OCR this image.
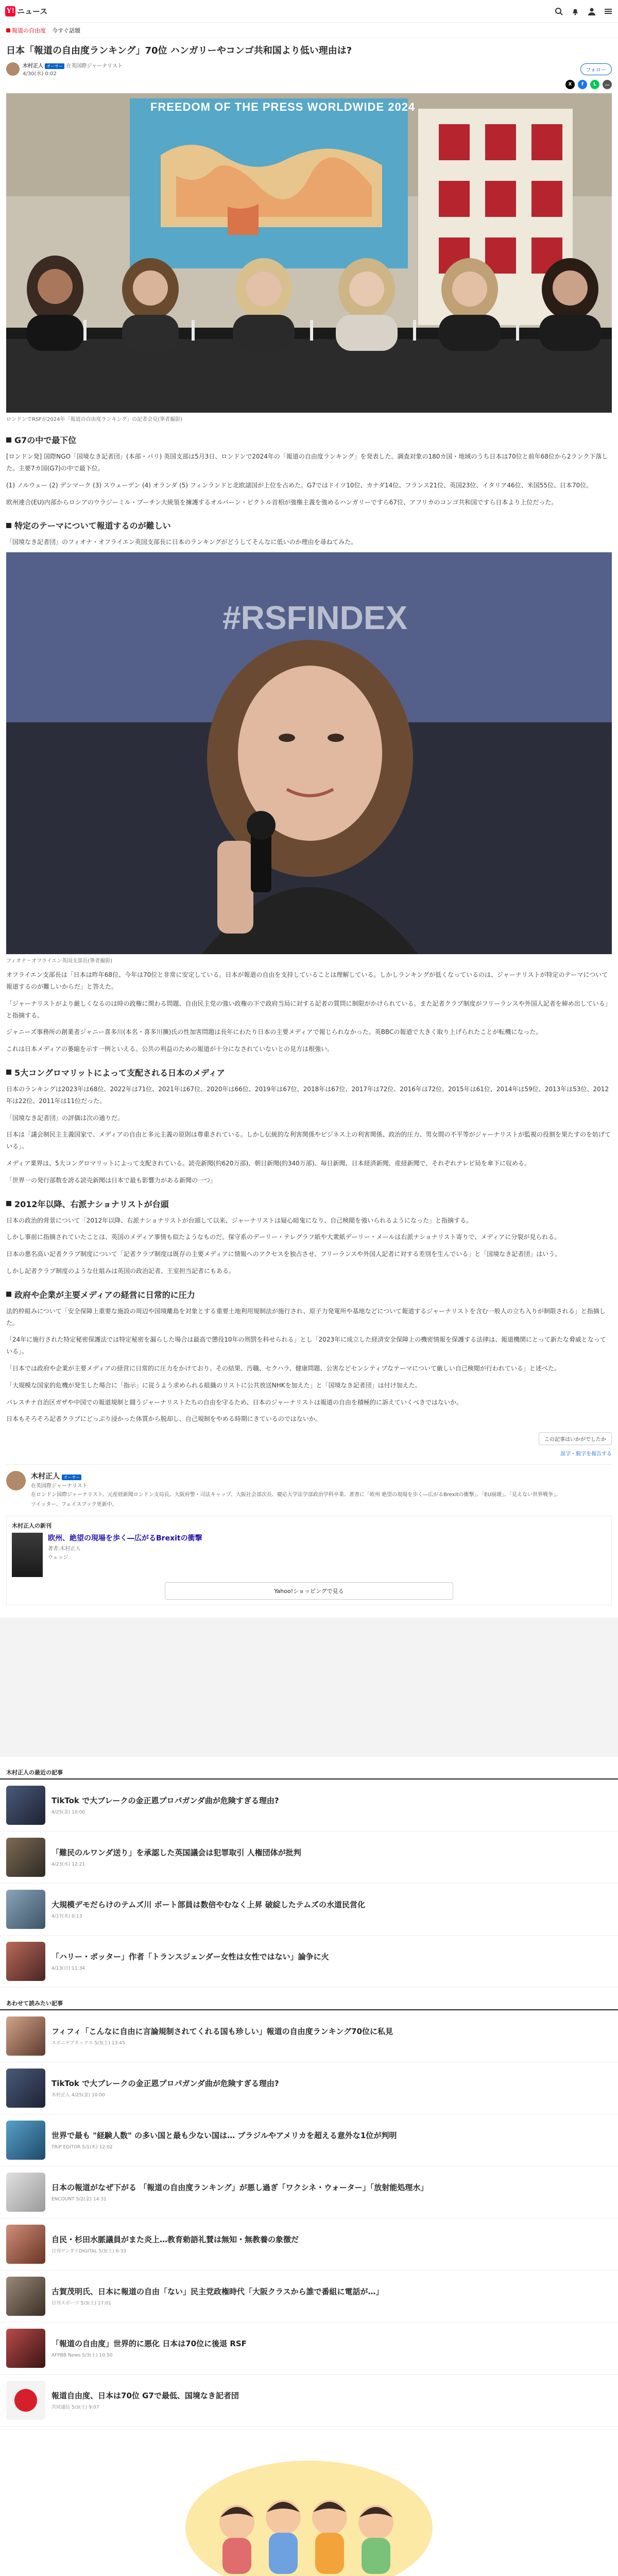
Y! ニュース
報道の自由度 今すぐ話題
日本「報道の自由度ランキング」70位 ハンガリーやコンゴ共和国より低い理由は?
木村正人 オーサー 在英国際ジャーナリスト
4/30(水) 0:02
フォロー
X	f	L	…
FREEDOM OF THE PRESS WORLDWIDE 2024
ロンドンでRSFが2024年「報道の自由度ランキング」の記者会見(筆者撮影)
G7の中で最下位

[ロンドン発] 国際NGO「国境なき記者団」(本部・パリ) 英国支部は5月3日、ロンドンで2024年の「報道の自由度ランキング」を発表した。調査対象の180カ国・地域のうち日本は70位と前年68位から2ランク下落した。主要7カ国(G7)の中で最下位。

(1) ノルウェー (2) デンマーク (3) スウェーデン (4) オランダ (5) フィンランドと北欧諸国が上位を占めた。G7ではドイツ10位、カナダ14位、フランス21位、英国23位、イタリア46位、米国55位、日本70位。

欧州連合(EU)内部からロシアのウラジーミル・プーチン大統領を擁護するオルバーン・ビクトル首相が強権主義を強めるハンガリーですら67位、アフリカのコンゴ共和国ですら日本より上位だった。

特定のテーマについて報道するのが難しい

「国境なき記者団」のフィオナ・オフライエン英国支部長に日本のランキングがどうしてそんなに低いのか理由を尋ねてみた。

#RSFINDEX
フィオナ・オフライエン英国支部長(筆者撮影)

オフライエン支部長は「日本は昨年68位、今年は70位と非常に安定している。日本が報道の自由を支持していることは理解している。しかしランキングが低くなっているのは、ジャーナリストが特定のテーマについて報道するのが難しいからだ」と答えた。

「ジャーナリストがより厳しくなるのは時の政権に関わる問題、自由民主党の強い政権の下で政府当局に対する記者の質問に制限がかけられている。また記者クラブ制度がフリーランスや外国人記者を締め出している」と指摘する。

ジャニーズ事務所の創業者ジャニー喜多川(本名・喜多川擴)氏の性加害問題は長年にわたり日本の主要メディアで報じられなかった。英BBCの報道で大きく取り上げられたことが転機になった。

これは日本メディアの萎縮を示す一例といえる。公共の利益のための報道が十分になされていないとの見方は根強い。

5大コングロマリットによって支配される日本のメディア

日本のランキングは2023年は68位、2022年は71位、2021年は67位、2020年は66位、2019年は67位、2018年は67位、2017年は72位、2016年は72位、2015年は61位、2014年は59位、2013年は53位、2012年は22位、2011年は11位だった。

「国境なき記者団」の評価は次の通りだ。

日本は「議会制民主主義国家で、メディアの自由と多元主義の原則は尊重されている。しかし伝統的な利害関係やビジネス上の利害関係、政治的圧力、男女間の不平等がジャーナリストが監視の役割を果たすのを妨げている」。

メディア業界は、5大コングロマリットによって支配されている。読売新聞(約620万部)、朝日新聞(約340万部)、毎日新聞、日本経済新聞、産経新聞で、それぞれテレビ局を傘下に収める。

「世界一の発行部数を誇る読売新聞は日本で最も影響力がある新聞の一つ」

2012年以降、右派ナショナリストが台頭

日本の政治的背景について「2012年以降、右派ナショナリストが台頭して以来、ジャーナリストは疑心暗鬼になり、自己検閲を強いられるようになった」と指摘する。

しかし事前に指摘されていたことは、英国のメディア事情も似たようなものだ。保守系のデーリー・テレグラフ紙や大衆紙デーリー・メールは右派ナショナリスト寄りで、メディアに分裂が見られる。

日本の悪名高い記者クラブ制度について「記者クラブ制度は既存の主要メディアに情報へのアクセスを独占させ、フリーランスや外国人記者に対する差別を生んでいる」と「国境なき記者団」はいう。

しかし記者クラブ制度のような仕組みは英国の政治記者、王室担当記者にもある。

政府や企業が主要メディアの経営に日常的に圧力

法的枠組みについて「安全保障上重要な施設の周辺や国境離島を対象とする重要土地利用規制法が施行され、原子力発電所や基地などについて報道するジャーナリストを含む一般人の立ち入りが制限される」と指摘した。

「24年に施行された特定秘密保護法では特定秘密を漏らした場合は最高で懲役10年の刑罰を科せられる」とし「2023年に成立した経済安全保障上の機密情報を保護する法律は、報道機関にとって新たな脅威となっている」。

「日本では政府や企業が主要メディアの経営に日常的に圧力をかけており、その結果、汚職、セクハラ、健康問題、公害などセンシティブなテーマについて厳しい自己検閲が行われている」と述べた。

「大規模な国家的危機が発生した場合に「指示」に従うよう求められる組織のリストに公共放送NHKを加えた」と「国境なき記者団」は付け加えた。

パレスチナ自治区ガザや中国での報道規制と闘うジャーナリストたちの自由を守るため、日本のジャーナリストは報道の自由を積極的に訴えていくべきではないか。

日本もそろそろ記者クラブにどっぷり浸かった体質から脱却し、自己規制をやめる時期にきているのではないか。

この記事はいかがでしたか
誤字・脱字を報告する
木村正人 オーサー
在英国際ジャーナリスト
在ロンドン国際ジャーナリスト。元産経新聞ロンドン支局長。大阪府警・司法キャップ、大阪社会部次長、慶応大学法学部政治学科卒業、著書に「欧州 絶望の現場を歩く―広がるBrexitの衝撃」、「EU崩壊」、「見えない世界戦争」。
ツイッター、フェイスブック更新中。
木村正人の新刊
欧州、絶望の現場を歩く―広がるBrexitの衝撃
著者:木村正人
ウェッジ
Yahoo!ショッピングで見る
木村正人の最近の記事
TikTok で大ブレークの金正恩プロパガンダ曲が危険すぎる理由?
4/25(金) 10:00
「難民のルワンダ送り」を承認した英国議会は犯罪取引 人権団体が批判
4/23(水) 12:21
大規模デモだらけのテムズ川 ボート部員は数倍やむなく上昇 破綻したテムズの水道民営化
4/17(木) 0:13
「ハリー・ポッター」作者「トランスジェンダー女性は女性ではない」論争に火
4/13(日) 11:34
あわせて読みたい記事
フィフィ「こんなに自由に言論規制されてくれる国も珍しい」報道の自由度ランキング70位に私見
スポニチアネックス 5/3(土) 13:45
TikTok で大ブレークの金正恩プロパガンダ曲が危険すぎる理由?
木村正人 4/25(金) 10:00
世界で最も "経験人数" の多い国と最も少ない国は… ブラジルやアメリカを超える意外な1位が判明
TRiP EDiTOR 5/1(木) 12:02
日本の報道がなぜ下がる 「報道の自由度ランキング」が悪し過ぎ「ワクシネ・ウォーター」「放射能処理水」
ENCOUNT 5/2(金) 14:31
自民・杉田水脈議員がまた炎上…教育勅語礼賛は無知・無教養の象徴だ
日刊ゲンダイDIGITAL 5/3(土) 6:33
古賀茂明氏、日本に報道の自由「ない」民主党政権時代「大阪クラスから誰で番組に電話が…」
日刊スポーツ 5/3(土) 17:01
「報道の自由度」世界的に悪化 日本は70位に後退 RSF
AFPBB News 5/3(土) 10:50
報道自由度、日本は70位 G7で最低、国境なき記者団
共同通信 5/3(土) 9:07
